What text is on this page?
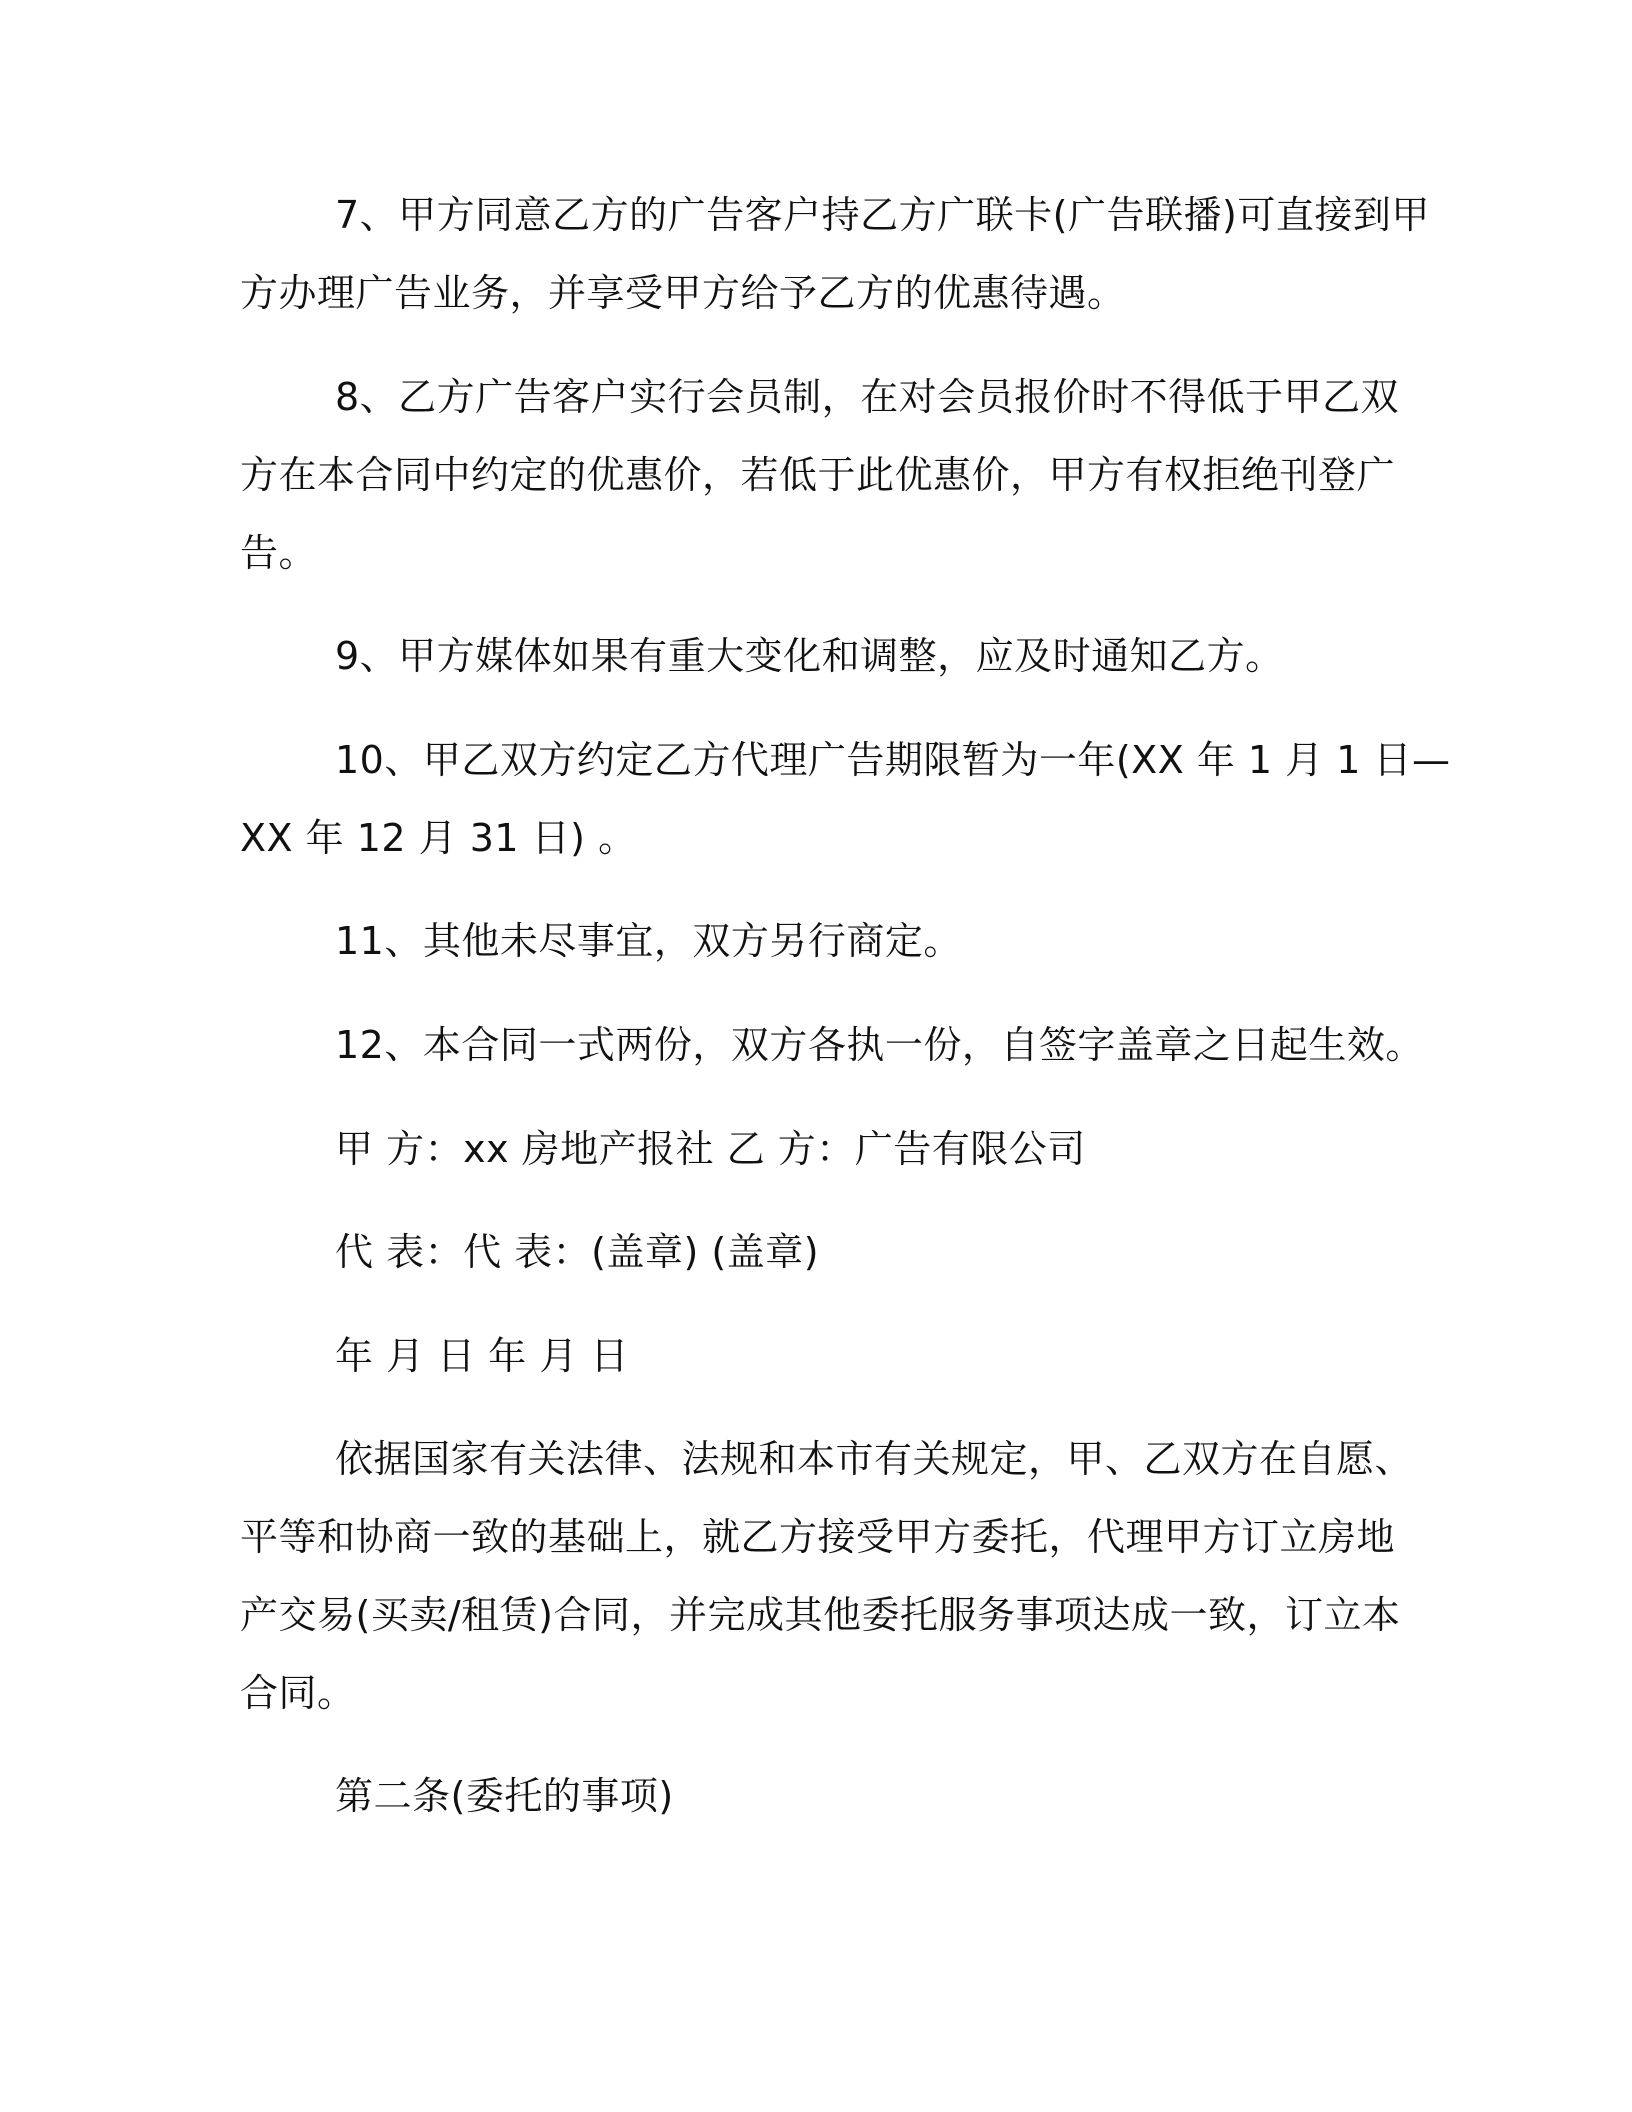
7、甲方同意乙方的广告客户持乙方广联卡(广告联播)可直接到甲
方办理广告业务，并享受甲方给予乙方的优惠待遇。
8、乙方广告客户实行会员制，在对会员报价时不得低于甲乙双
方在本合同中约定的优惠价，若低于此优惠价，甲方有权拒绝刊登广
告。
9、甲方媒体如果有重大变化和调整，应及时通知乙方。
10、甲乙双方约定乙方代理广告期限暂为一年(XX 年 1 月 1 日—
XX 年 12 月 31 日) 。
11、其他未尽事宜，双方另行商定。
12、本合同一式两份，双方各执一份，自签字盖章之日起生效。
甲 方：xx 房地产报社 乙 方：广告有限公司
代 表：代 表：(盖章) (盖章)
年 月 日 年 月 日
依据国家有关法律、法规和本市有关规定，甲、乙双方在自愿、
平等和协商一致的基础上，就乙方接受甲方委托，代理甲方订立房地
产交易(买卖/租赁)合同，并完成其他委托服务事项达成一致，订立本
合同。
第二条(委托的事项)
